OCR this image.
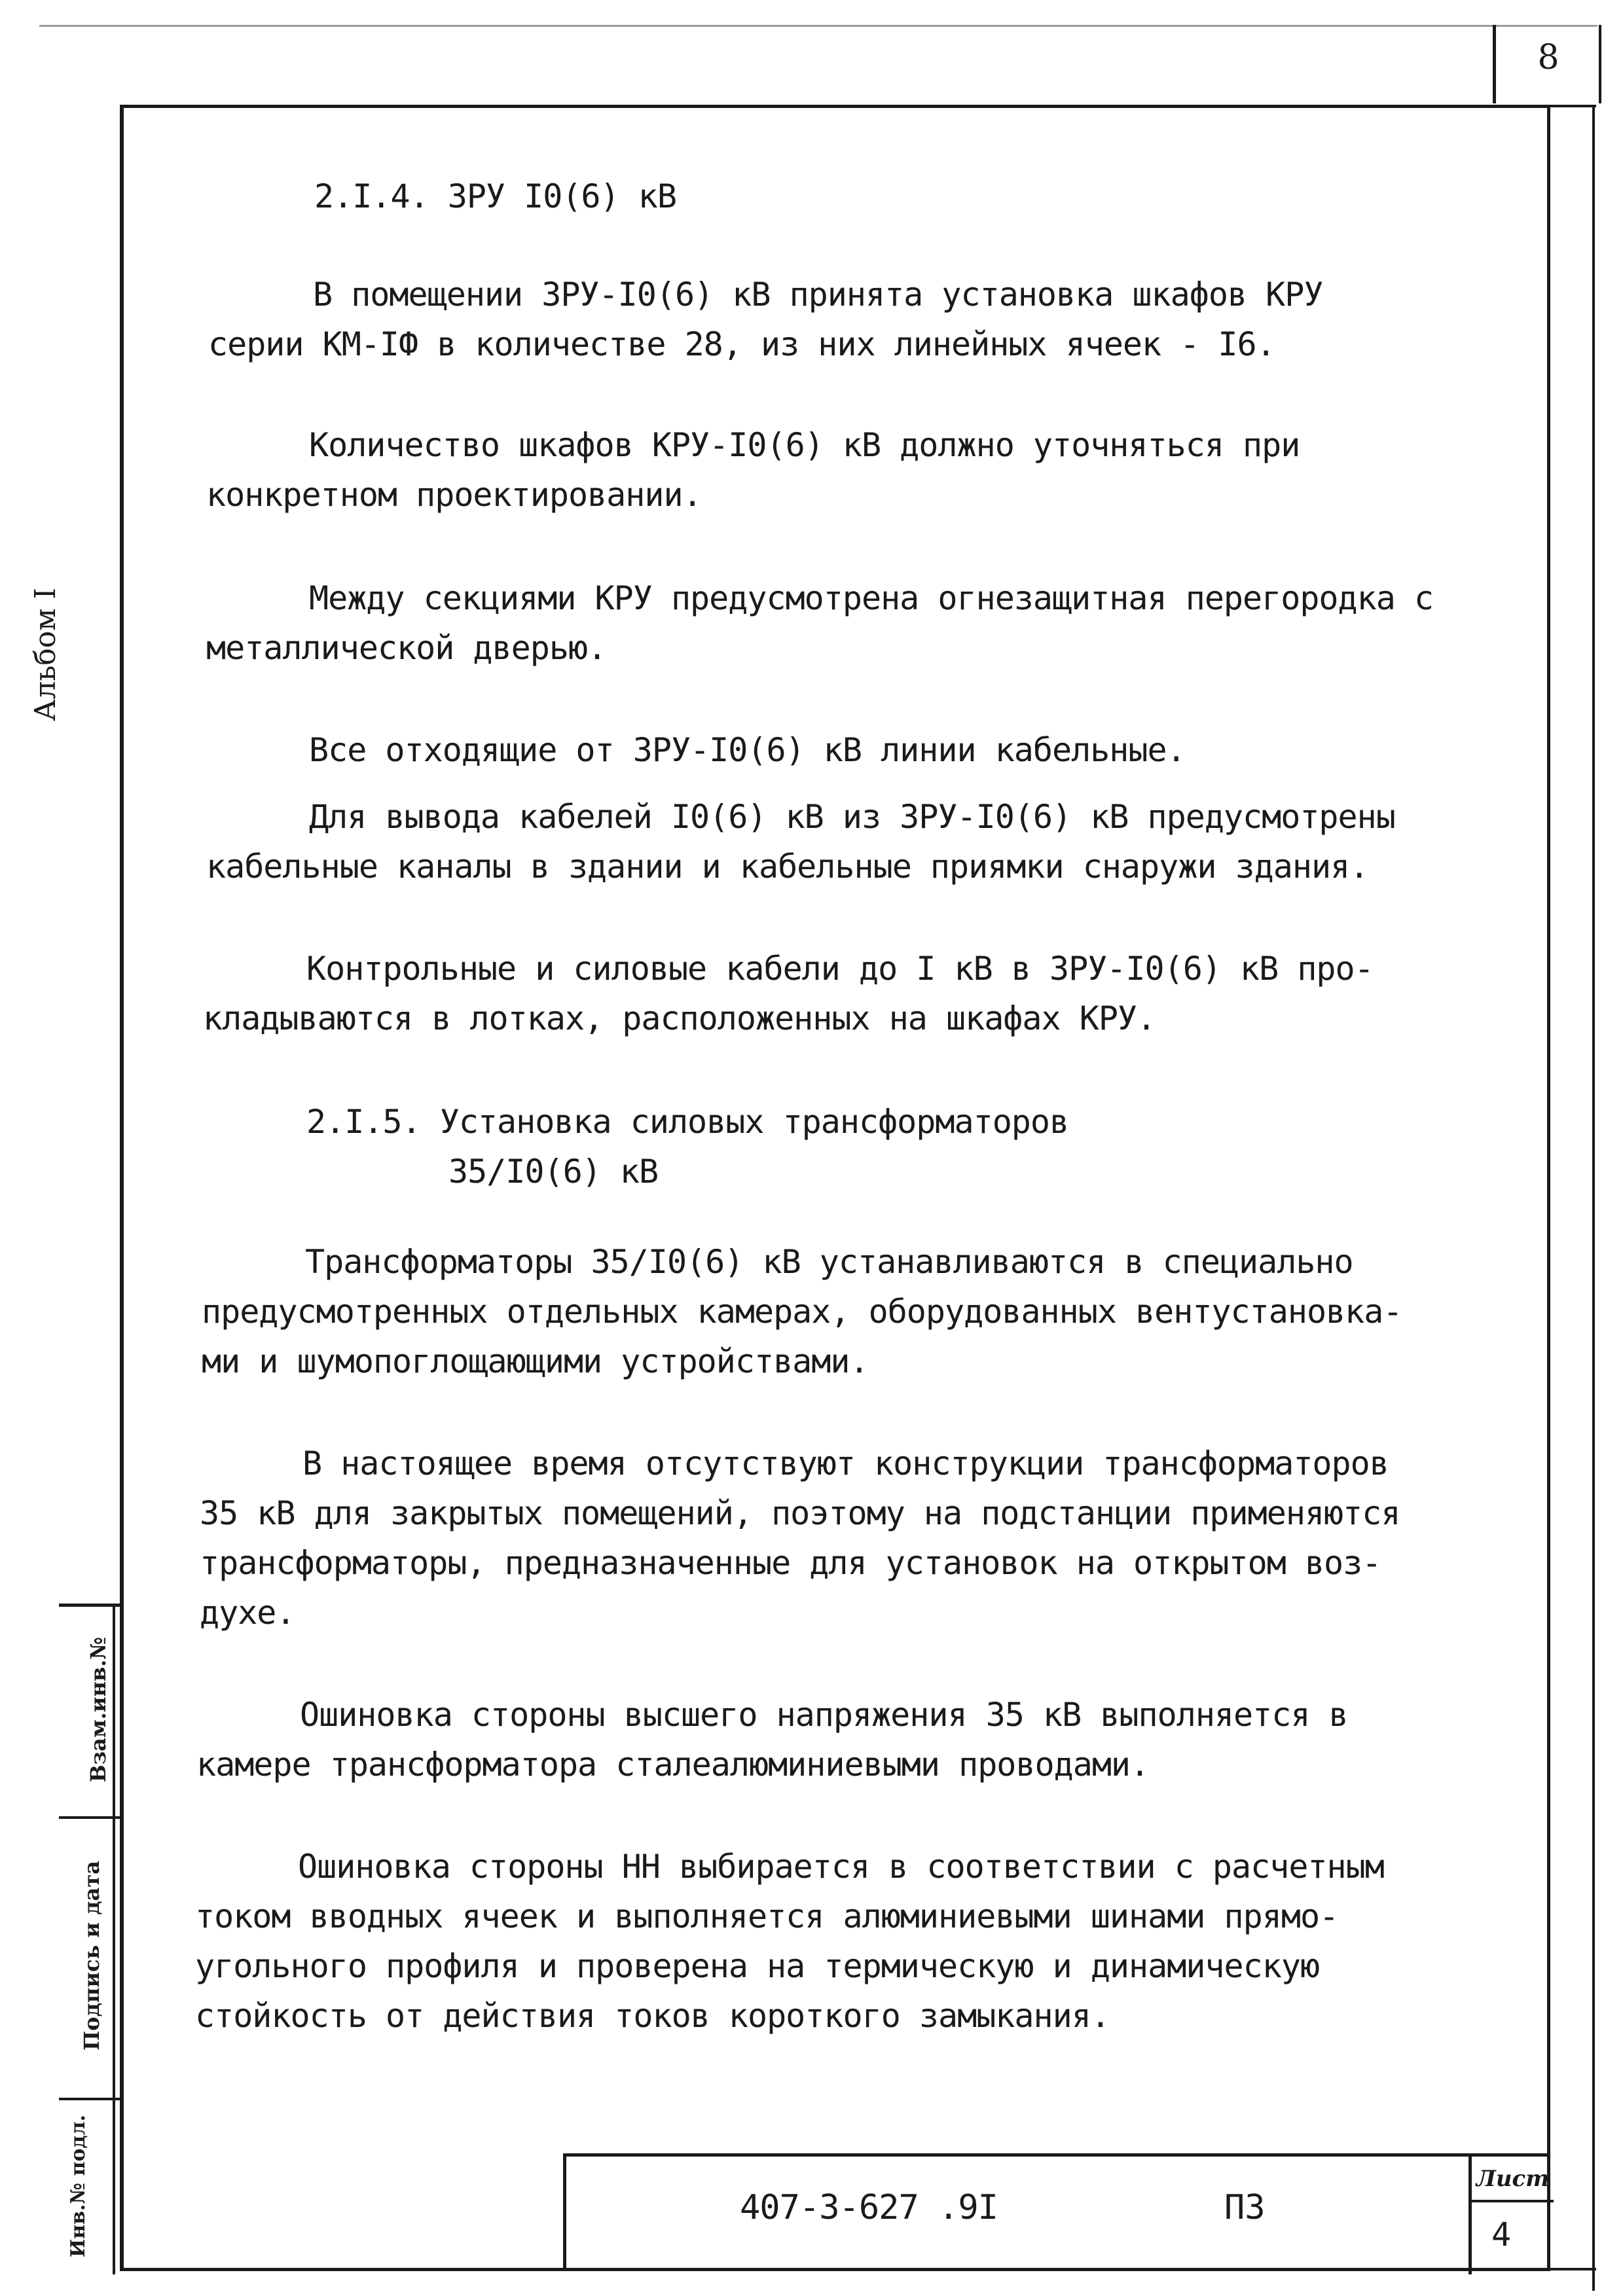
8
Альбом I
Взам.инв.№
Подпись и дата
Инв.№ подл.
2.I.4. ЗРУ I0(6) кВ
В помещении ЗРУ-I0(6) кВ принята установка шкафов КРУ
серии КМ-IФ в количестве 28, из них линейных ячеек - I6.
Количество шкафов КРУ-I0(6) кВ должно уточняться при
конкретном проектировании.
Между секциями КРУ предусмотрена огнезащитная перегородка с
металлической дверью.
Все отходящие от ЗРУ-I0(6) кВ линии кабельные.
Для вывода кабелей I0(6) кВ из ЗРУ-I0(6) кВ предусмотрены
кабельные каналы в здании и кабельные приямки снаружи здания.
Контрольные и силовые кабели до I кВ в ЗРУ-I0(6) кВ про-
кладываются в лотках, расположенных на шкафах КРУ.
2.I.5. Установка силовых трансформаторов
35/I0(6) кВ
Трансформаторы 35/I0(6) кВ устанавливаются в специально
предусмотренных отдельных камерах, оборудованных вентустановка-
ми и шумопоглощающими устройствами.
В настоящее время отсутствуют конструкции трансформаторов
35 кВ для закрытых помещений, поэтому на подстанции применяются
трансформаторы, предназначенные для установок на открытом воз-
духе.
Ошиновка стороны высшего напряжения 35 кВ выполняется в
камере трансформатора сталеалюминиевыми проводами.
Ошиновка стороны НН выбирается в соответствии с расчетным
током вводных ячеек и выполняется алюминиевыми шинами прямо-
угольного профиля и проверена на термическую и динамическую
стойкость от действия токов короткого замыкания.
407-3-627 .9I	ПЗ
Лист
4
